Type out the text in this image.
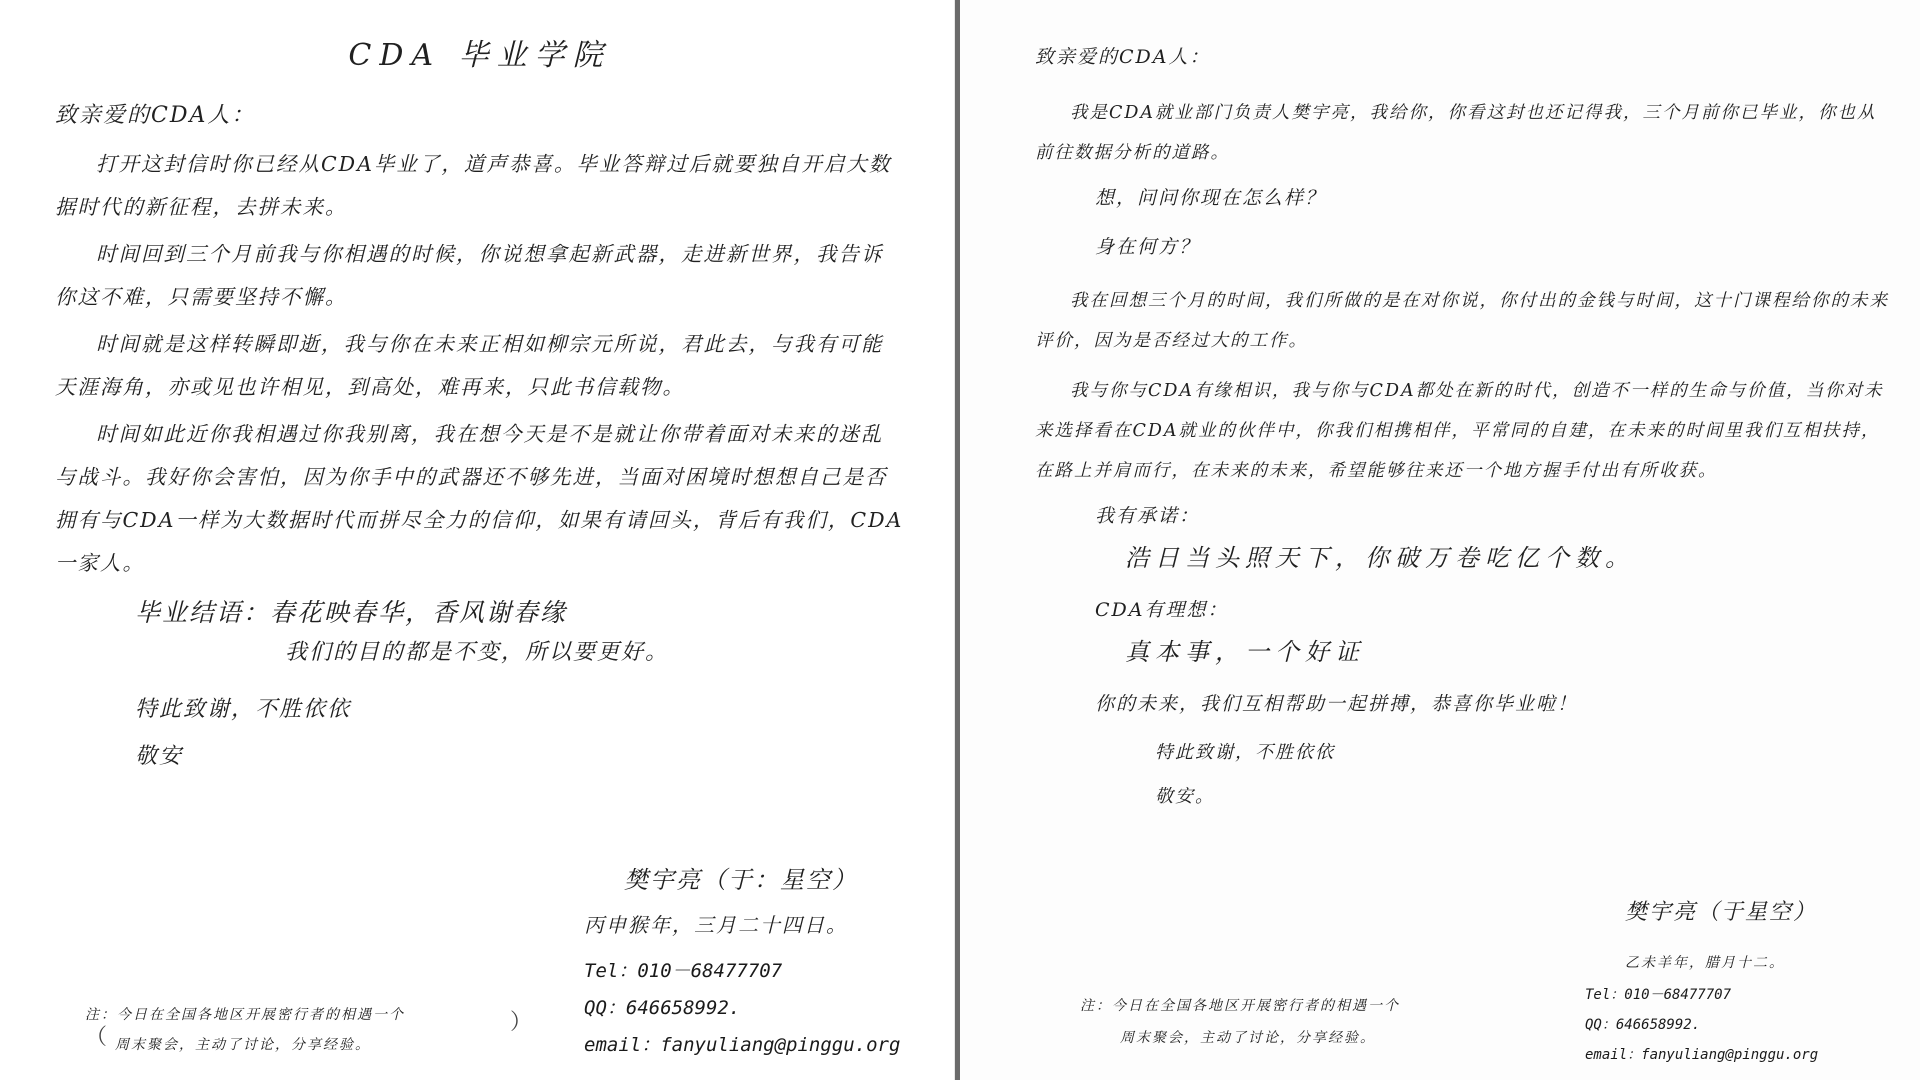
CDA 毕业学院
致亲爱的CDA人：
打开这封信时你已经从CDA毕业了，道声恭喜。毕业答辩过后就要独自开启大数据时代的新征程，去拼未来。
时间回到三个月前我与你相遇的时候，你说想拿起新武器，走进新世界，我告诉你这不难，只需要坚持不懈。
时间就是这样转瞬即逝，我与你在未来正相如柳宗元所说，君此去，与我有可能天涯海角，亦或见也许相见，到高处，难再来，只此书信载物。
时间如此近你我相遇过你我别离，我在想今天是不是就让你带着面对未来的迷乱与战斗。我好你会害怕，因为你手中的武器还不够先进，当面对困境时想想自己是否拥有与CDA一样为大数据时代而拼尽全力的信仰，如果有请回头，背后有我们，CDA一家人。
毕业结语：春花映春华，香风谢春缘
我们的目的都是不变，所以要更好。
特此致谢，不胜依依
敬安
樊宇亮（于：星空）
丙申猴年，三月二十四日。
Tel：010－68477707
QQ：646658992.
email：fanyuliang@pinggu.org
（
注：今日在全国各地区开展密行者的相遇一个
周末聚会，主动了讨论，分享经验。
）
致亲爱的CDA人：
我是CDA就业部门负责人樊宇亮，我给你，你看这封也还记得我，三个月前你已毕业，你也从前往数据分析的道路。
想，问问你现在怎么样？
身在何方？
我在回想三个月的时间，我们所做的是在对你说，你付出的金钱与时间，这十门课程给你的未来评价，因为是否经过大的工作。
我与你与CDA有缘相识，我与你与CDA都处在新的时代，创造不一样的生命与价值，当你对未来选择看在CDA就业的伙伴中，你我们相携相伴，平常同的自建，在未来的时间里我们互相扶持，在路上并肩而行，在未来的未来，希望能够往来还一个地方握手付出有所收获。
我有承诺：
浩日当头照天下，你破万卷吃亿个数。
CDA有理想：
真本事，一个好证
你的未来，我们互相帮助一起拼搏，恭喜你毕业啦！
特此致谢，不胜依依
敬安。
樊宇亮（于星空）
乙未羊年，腊月十二。
Tel：010－68477707
QQ：646658992.
email：fanyuliang@pinggu.org
注：今日在全国各地区开展密行者的相遇一个
周末聚会，主动了讨论，分享经验。
